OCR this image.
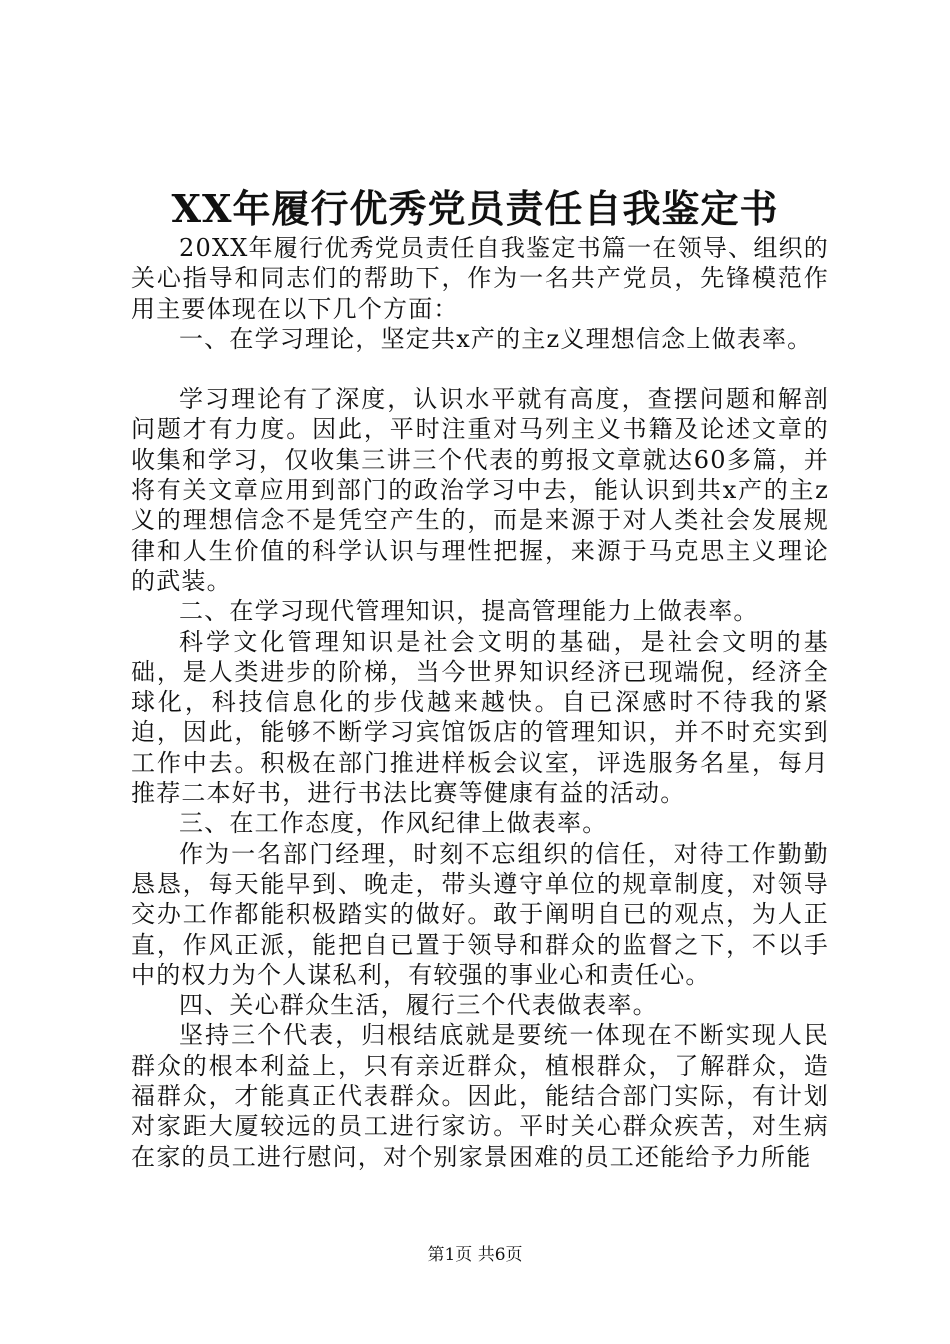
XX年履行优秀党员责任自我鉴定书

20XX年履行优秀党员责任自我鉴定书篇一在领导、组织的关心指导和同志们的帮助下，作为一名共产党员，先锋模范作用主要体现在以下几个方面：

一、在学习理论，坚定共x产的主z义理想信念上做表率。

学习理论有了深度，认识水平就有高度，查摆问题和解剖问题才有力度。因此，平时注重对马列主义书籍及论述文章的收集和学习，仅收集三讲三个代表的剪报文章就达60多篇，并将有关文章应用到部门的政治学习中去，能认识到共x产的主z义的理想信念不是凭空产生的，而是来源于对人类社会发展规律和人生价值的科学认识与理性把握，来源于马克思主义理论的武装。

二、在学习现代管理知识，提高管理能力上做表率。

科学文化管理知识是社会文明的基础，是社会文明的基础，是人类进步的阶梯，当今世界知识经济已现端倪，经济全球化，科技信息化的步伐越来越快。自已深感时不待我的紧迫，因此，能够不断学习宾馆饭店的管理知识，并不时充实到工作中去。积极在部门推进样板会议室，评选服务名星，每月推荐二本好书，进行书法比赛等健康有益的活动。

三、在工作态度，作风纪律上做表率。

作为一名部门经理，时刻不忘组织的信任，对待工作勤勤恳恳，每天能早到、晚走，带头遵守单位的规章制度，对领导交办工作都能积极踏实的做好。敢于阐明自已的观点，为人正直，作风正派，能把自已置于领导和群众的监督之下，不以手中的权力为个人谋私利，有较强的事业心和责任心。

四、关心群众生活，履行三个代表做表率。

坚持三个代表，归根结底就是要统一体现在不断实现人民群众的根本利益上，只有亲近群众，植根群众，了解群众，造福群众，才能真正代表群众。因此，能结合部门实际，有计划对家距大厦较远的员工进行家访。平时关心群众疾苦，对生病在家的员工进行慰问，对个别家景困难的员工还能给予力所能

第1页 共6页
